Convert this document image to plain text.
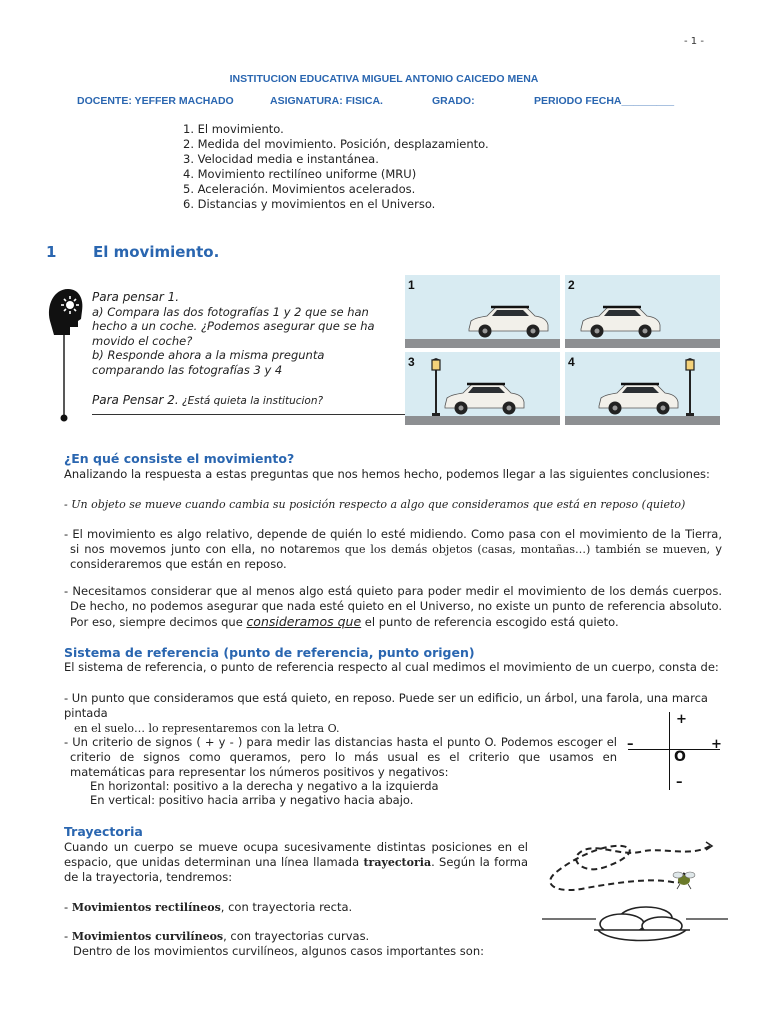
- 1 -
INSTITUCION EDUCATIVA MIGUEL ANTONIO CAICEDO MENA
DOCENTE: YEFFER MACHADO	ASIGNATURA: FISICA.	GRADO:	PERIODO FECHA_________
1. El movimiento.
2. Medida del movimiento. Posición, desplazamiento.
3. Velocidad media e instantánea.
4. Movimiento rectilíneo uniforme (MRU)
5. Aceleración. Movimientos acelerados.
6. Distancias y movimientos en el Universo.
1 El movimiento.

Para pensar 1.

a) Compara las dos fotografías 1 y 2 que se han hecho a un coche. ¿Podemos asegurar que se ha movido el coche?

b) Responde ahora a la misma pregunta comparando las fotografías 3 y 4

Para Pensar 2. ¿Está quieta la institucion?
1	2
3	4
¿En qué consiste el movimiento?
Analizando la respuesta a estas preguntas que nos hemos hecho, podemos llegar a las siguientes conclusiones:
- Un objeto se mueve cuando cambia su posición respecto a algo que consideramos que está en reposo (quieto)
- El movimiento es algo relativo, depende de quién lo esté midiendo. Como pasa con el movimiento de la Tierra, si nos movemos junto con ella, no notaremos que los demás objetos (casas, montañas…) también se mueven, y consideraremos que están en reposo.
- Necesitamos considerar que al menos algo está quieto para poder medir el movimiento de los demás cuerpos. De hecho, no podemos asegurar que nada esté quieto en el Universo, no existe un punto de referencia absoluto. Por eso, siempre decimos que consideramos que el punto de referencia escogido está quieto.
Sistema de referencia (punto de referencia, punto origen)
El sistema de referencia, o punto de referencia respecto al cual medimos el movimiento de un cuerpo, consta de:

- Un punto que consideramos que está quieto, en reposo. Puede ser un edificio, un árbol, una farola, una marca pintada

en el suelo… lo representaremos con la letra O.

- Un criterio de signos ( + y - ) para medir las distancias hasta el punto O. Podemos escoger el criterio de signos como queramos, pero lo más usual es el criterio que usamos en matemáticas para representar los números positivos y negativos:
En horizontal: positivo a la derecha y negativo a la izquierda
En vertical: positivo hacia arriba y negativo hacia abajo.
+
–	+
O
–
Trayectoria
Cuando un cuerpo se mueve ocupa sucesivamente distintas posiciones en el espacio, que unidas determinan una línea llamada trayectoria. Según la forma de la trayectoria, tendremos:
- Movimientos rectilíneos, con trayectoria recta.
- Movimientos curvilíneos, con trayectorias curvas.
Dentro de los movimientos curvilíneos, algunos casos importantes son:
